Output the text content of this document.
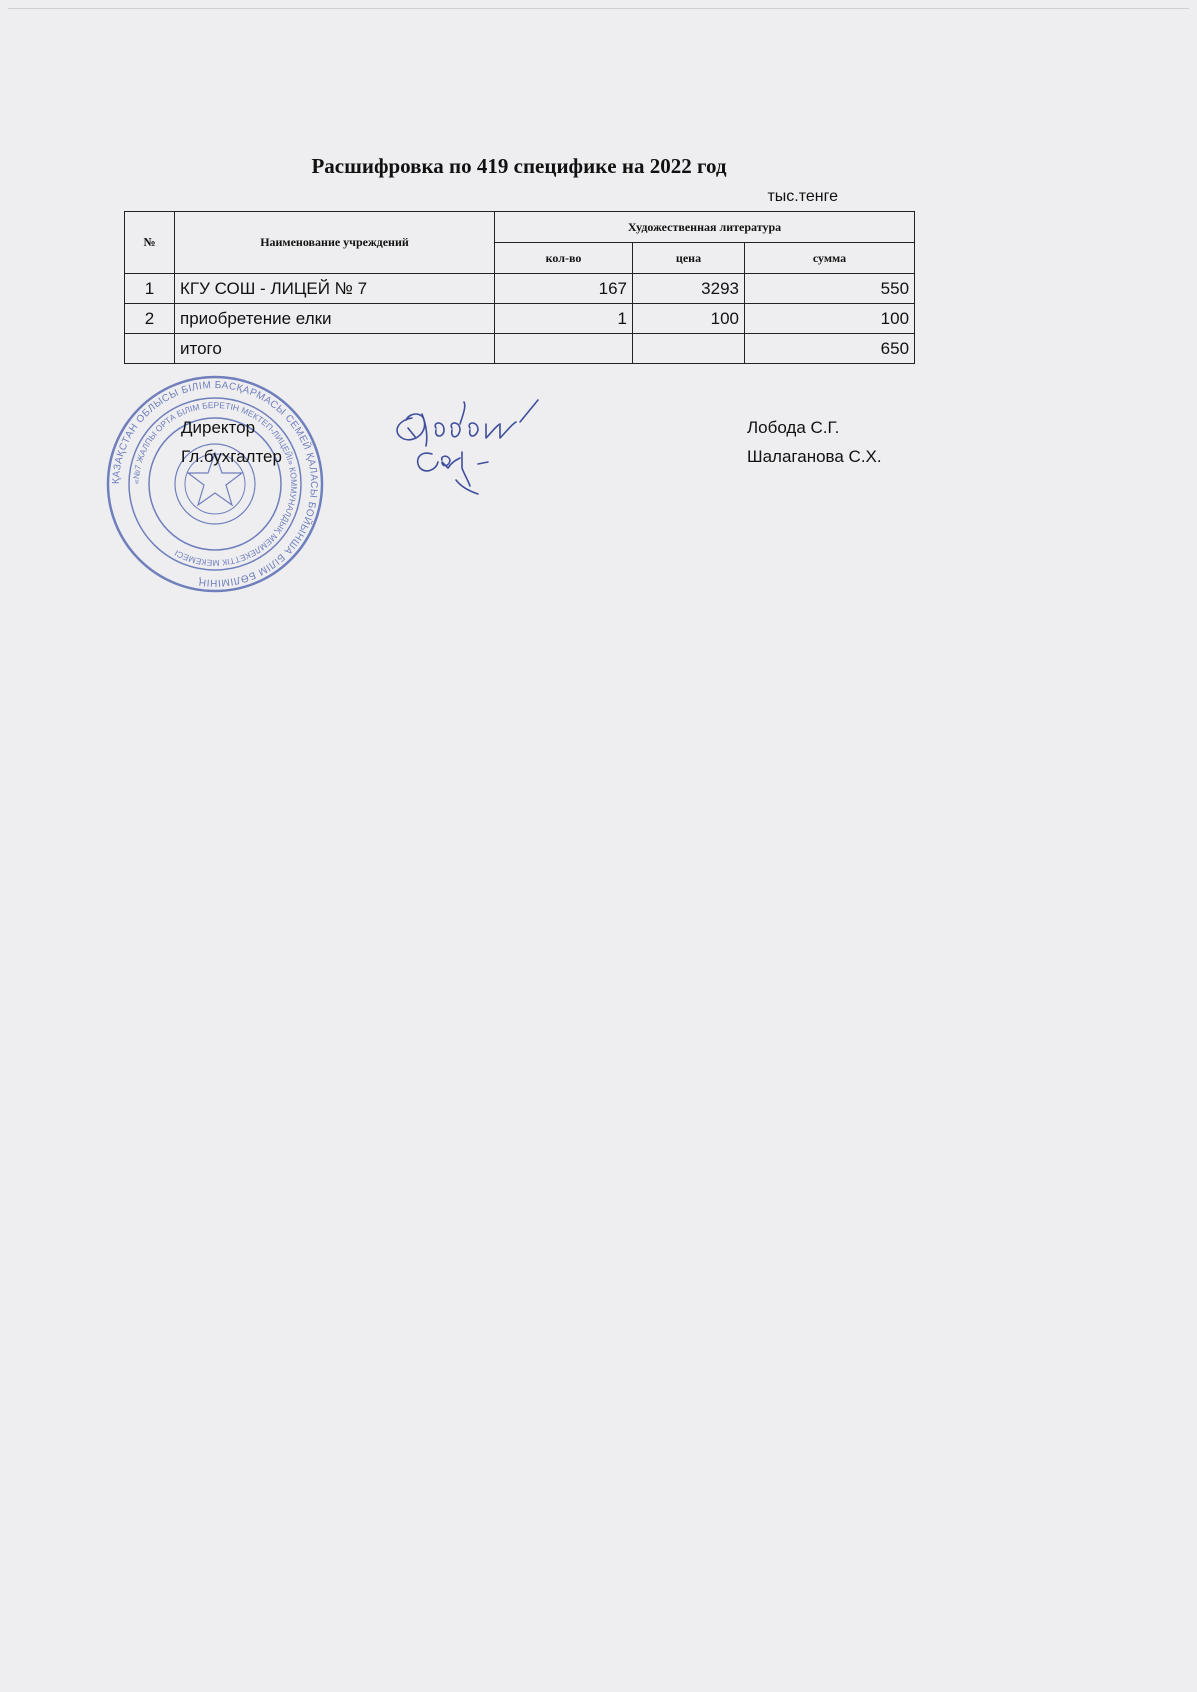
Расшифровка по 419 спецификe на 2022 год
тыс.тенге
№	Наименование учреждений	Художественная литература		
		кол-во	цена	сумма
1	КГУ СОШ - ЛИЦЕЙ № 7	167	3293	550
2	приобретение елки	1	100	100
	итого			650
ҚАЗАҚСТАН ОБЛЫСЫ БІЛІМ БАСҚАРМАСЫ СЕМЕЙ ҚАЛАСЫ БОЙЫНША БІЛІМ БӨЛІМІНІҢ
«№7 ЖАЛПЫ ОРТА БІЛІМ БЕРЕТІН МЕКТЕП-ЛИЦЕЙІ» КОММУНАЛДЫҚ МЕМЛЕКЕТТІК МЕКЕМЕСІ
Директор	Лобода С.Г.
Гл.бухгалтер	Шалаганова С.Х.
